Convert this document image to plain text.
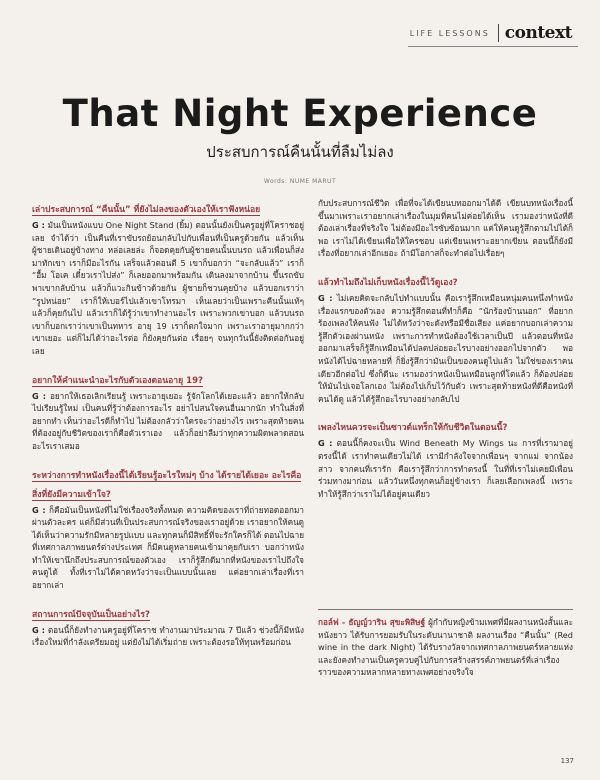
LIFE LESSONS context
That Night Experience
ประสบการณ์คืนนั้นที่ลืมไม่ลง
Words: NUME MARUT
เล่าประสบการณ์ “คืนนั้น” ที่ยังไม่ลงของตัวเองให้เราฟังหน่อย

G : มันเป็นหนังแบบ One Night Stand (ยิ้ม) ตอนนั้นยังเป็นครูอยู่ที่โคราชอยู่เลย จำได้ว่า เป็นคืนที่เราขับรถย้อนกลับไปกับเพื่อนที่เป็นครูด้วยกัน แล้วเห็นผู้ชายเดินอยู่ข้างทาง หล่อเลยล่ะ ก็จอดคุยกับผู้ชายคนนั้นบนรถ แล้วเพื่อนก็ส่งมาทักเขา เราก็มีอะไรกัน เสร็จแล้วตอนตี 5 เขาก็บอกว่า “จะกลับแล้ว” เราก็ “อื้ม โอเค เดี๋ยวเราไปส่ง” ก็เลยออกมาพร้อมกัน เดินลงมาจากบ้าน ขึ้นรถขับพาเขากลับบ้าน แล้วก็แวะกินข้าวด้วยกัน ผู้ชายก็ชวนคุยบ้าง แล้วบอกเราว่า “รูปหน่อย” เราก็ให้เบอร์ไปแล้วเขาโทรมา เห็นเลยว่าเป็นเพราะคืนนั้นแท้ๆ แล้วก็คุยกันไป แล้วเราก็ได้รู้ว่าเขาทำงานอะไร เพราะพวกเขาบอก แล้วบนรถเขาก็บอกเราว่าเขาเป็นทหาร อายุ 19 เราก็ตกใจมาก เพราะเราอายุมากกว่าเขาเยอะ แต่ก็ไม่ได้ว่าอะไรต่อ ก็ยังคุยกันต่อ เรื่อยๆ จนทุกวันนี้ยังติดต่อกันอยู่เลย

อยากให้คำแนะนำอะไรกับตัวเองตอนอายุ 19?

G : อยากให้เธอเลิกเรียนรู้ เพราะอายุเยอะ รู้จักโลกได้เยอะแล้ว อยากให้กลับไปเรียนรู้ใหม่ เป็นคนที่รู้ว่าต้องการอะไร อย่าไปสนใจคนอื่นมากนัก ทำในสิ่งที่อยากทำ เห็นว่าอะไรดีก็ทำไป ไม่ต้องกลัวว่าใครจะว่าอย่างไร เพราะสุดท้ายคนที่ต้องอยู่กับชีวิตของเราก็คือตัวเราเอง แล้วก็อย่าลืมว่าทุกความผิดพลาดสอนอะไรเราเสมอ

ระหว่างการทำหนังเรื่องนี้ได้เรียนรู้อะไรใหม่ๆ บ้าง ได้รายได้เยอะ อะไรคือสิ่งที่ยังมีความเข้าใจ?

G : ก็คือมันเป็นหนังที่ไม่ใช่เรื่องจริงทั้งหมด ความคิดของเราที่ถ่ายทอดออกมาผ่านตัวละคร แต่ก็มีส่วนที่เป็นประสบการณ์จริงของเราอยู่ด้วย เราอยากให้คนดูได้เห็นว่าความรักมีหลายรูปแบบ และทุกคนก็มีสิทธิ์ที่จะรักใครก็ได้ ตอนไปฉายที่เทศกาลภาพยนตร์ต่างประเทศ ก็มีคนดูหลายคนเข้ามาคุยกับเรา บอกว่าหนังทำให้เขานึกถึงประสบการณ์ของตัวเอง เราก็รู้สึกดีมากที่หนังของเราไปถึงใจคนดูได้ ทั้งที่เราไม่ได้คาดหวังว่าจะเป็นแบบนั้นเลย แค่อยากเล่าเรื่องที่เราอยากเล่า

สถานการณ์ปัจจุบันเป็นอย่างไร?

G : ตอนนี้ก็ยังทำงานครูอยู่ที่โคราช ทำงานมาประมาณ 7 ปีแล้ว ช่วงนี้ก็มีหนังเรื่องใหม่ที่กำลังเตรียมอยู่ แต่ยังไม่ได้เริ่มถ่าย เพราะต้องรอให้ทุนพร้อมก่อน

กับประสบการณ์ชีวิต เพื่อที่จะได้เขียนบทออกมาได้ดี เขียนบทหนังเรื่องนี้ขึ้นมาเพราะเราอยากเล่าเรื่องในมุมที่คนไม่ค่อยได้เห็น เรามองว่าหนังที่ดีต้องเล่าเรื่องที่จริงใจ ไม่ต้องมีอะไรซับซ้อนมาก แค่ให้คนดูรู้สึกตามไปได้ก็พอ เราไม่ได้เขียนเพื่อให้ใครชอบ แต่เขียนเพราะอยากเขียน ตอนนี้ก็ยังมีเรื่องที่อยากเล่าอีกเยอะ ถ้ามีโอกาสก็จะทำต่อไปเรื่อยๆ

แล้วทำไมถึงไม่เก็บหนังเรื่องนี้ไว้ดูเอง?

G : ไม่เคยคิดจะกลับไปทำแบบนั้น คือเรารู้สึกเหมือนหนุ่มคนหนึ่งทำหนังเรื่องแรกของตัวเอง ความรู้สึกตอนที่ทำก็คือ “นักร้องบ้านนอก” ที่อยากร้องเพลงให้คนฟัง ไม่ได้หวังว่าจะดังหรือมีชื่อเสียง แค่อยากบอกเล่าความรู้สึกตัวเองผ่านหนัง เพราะการทำหนังต้องใช้เวลาเป็นปี แล้วตอนที่หนังออกมาเสร็จก็รู้สึกเหมือนได้ปลดปล่อยอะไรบางอย่างออกไปจากตัว พอหนังได้ไปฉายหลายที่ ก็ยิ่งรู้สึกว่ามันเป็นของคนดูไปแล้ว ไม่ใช่ของเราคนเดียวอีกต่อไป ซึ่งก็ดีนะ เรามองว่าหนังเป็นเหมือนลูกที่โตแล้ว ก็ต้องปล่อยให้มันไปเจอโลกเอง ไม่ต้องไปเก็บไว้กับตัว เพราะสุดท้ายหนังที่ดีคือหนังที่คนได้ดู แล้วได้รู้สึกอะไรบางอย่างกลับไป

เพลงไหนควรจะเป็นซาวด์แทร็กให้กับชีวิตในตอนนี้?

G : ตอนนี้ก็คงจะเป็น Wind Beneath My Wings นะ การที่เรามาอยู่ตรงนี้ได้ เราทำคนเดียวไม่ได้ เรามีกำลังใจจากเพื่อนๆ จากแม่ จากน้องสาว จากคนที่เรารัก คือเรารู้สึกว่าการทำตรงนี้ ในที่ที่เราไม่เคยมีเพื่อนร่วมทางมาก่อน แล้ววันหนึ่งทุกคนก็อยู่ข้างเรา ก็เลยเลือกเพลงนี้ เพราะทำให้รู้สึกว่าเราไม่ได้อยู่คนเดียว

กอล์ฟ - ธัญญ์วาริน สุขะพิสิษฐ์ ผู้กำกับหญิงข้ามเพศที่มีผลงานหนังสั้นและหนังยาว ได้รับการยอมรับในระดับนานาชาติ ผลงานเรื่อง “คืนนั้น” (Red wine in the dark Night) ได้รับรางวัลจากเทศกาลภาพยนตร์หลายแห่ง และยังคงทำงานเป็นครูควบคู่ไปกับการสร้างสรรค์ภาพยนตร์ที่เล่าเรื่องราวของความหลากหลายทางเพศอย่างจริงใจ

137
